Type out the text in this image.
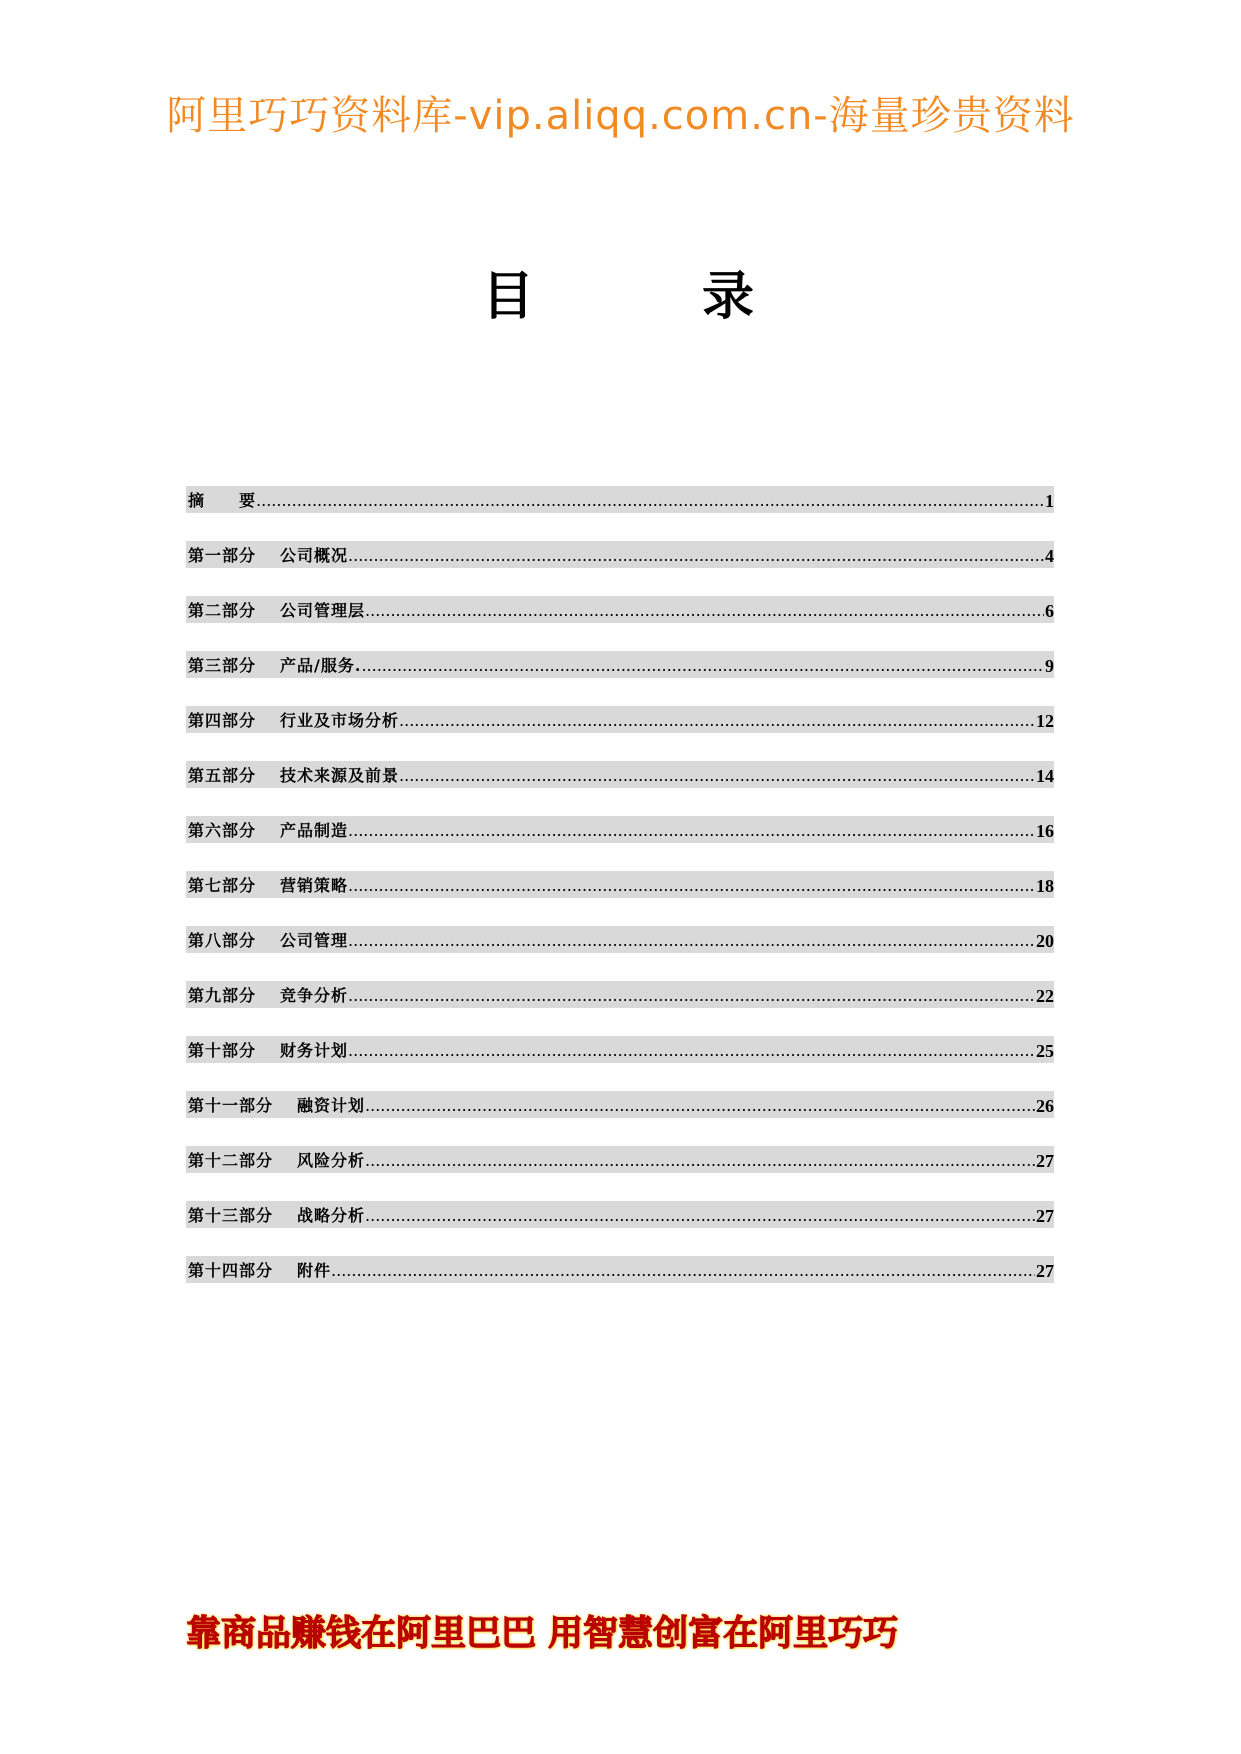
阿里巧巧资料库-vip.aliqq.com.cn-海量珍贵资料
目	录
摘　　要 .....	1
第一部分	公司概况 .....	4
第二部分	公司管理层 .....	6
第三部分	产品/服务. .....	9
第四部分	行业及市场分析 .....	12
第五部分	技术来源及前景 .....	14
第六部分	产品制造 .....	16
第七部分	营销策略 .....	18
第八部分	公司管理 .....	20
第九部分	竞争分析 .....	22
第十部分	财务计划 .....	25
第十一部分	融资计划 .....	26
第十二部分	风险分析 .....	27
第十三部分	战略分析 .....	27
第十四部分	附件 .....	27
靠商品赚钱在阿里巴巴 用智慧创富在阿里巧巧
